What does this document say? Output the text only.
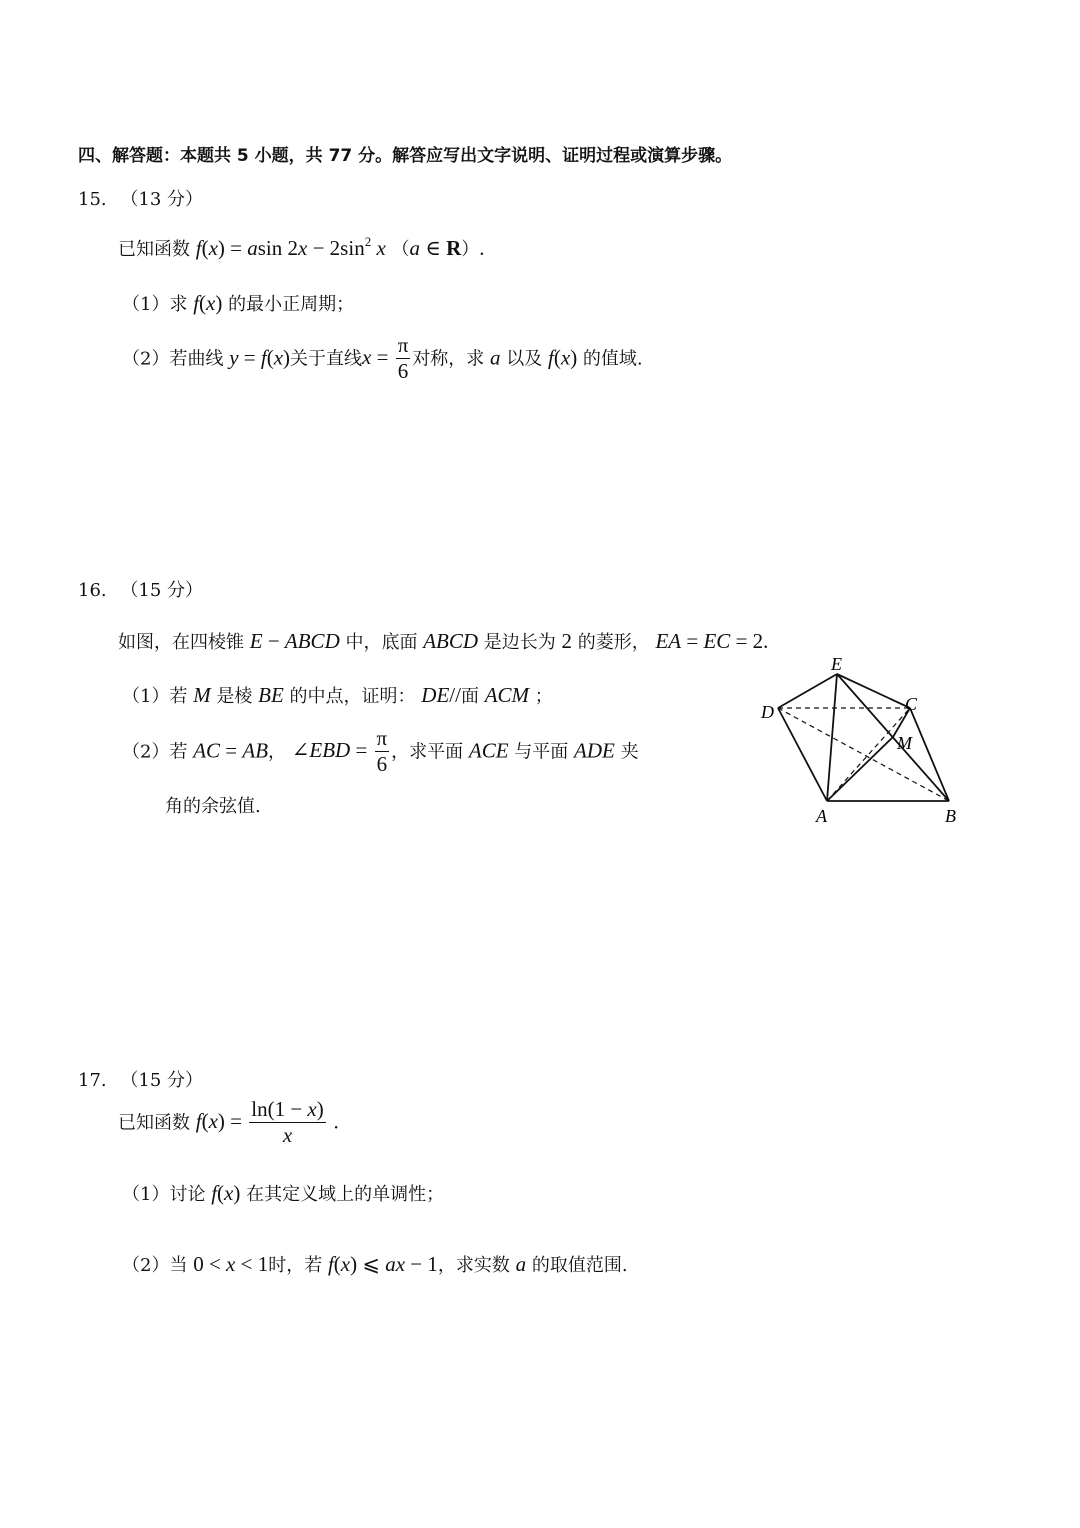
四、解答题：本题共 5 小题，共 77 分。解答应写出文字说明、证明过程或演算步骤。
15. （13 分）
已知函数 f(x) = asin $2x - 2\sin^2$ x （a ∈ R）.
（1）求 f(x) 的最小正周期；
（2）若曲线 y = f(x)关于直线$x = \frac{\pi}{6}$ 对称，求 a 以及 f(x) 的值域.
16. （15 分）
如图，在四棱锥 E − ABCD 中，底面 ABCD 是边长为 2 的菱形， EA = EC = 2.
（1）若 M 是棱 BE 的中点，证明： DE//面 ACM ；
（2）若 AC = AB， ∠EBD = $\frac{\pi}{6}$ ，求平面 ACE 与平面 ADE 夹
角的余弦值.
E
D	C
M
A	B
17. （15 分）
已知函数 $f(x) = \frac{\ln(1 - x)}{x}$ .
（1）讨论 f(x) 在其定义域上的单调性；
（2）当 0 < x < 1时，若 f(x) ⩽ ax − 1，求实数 a 的取值范围.
